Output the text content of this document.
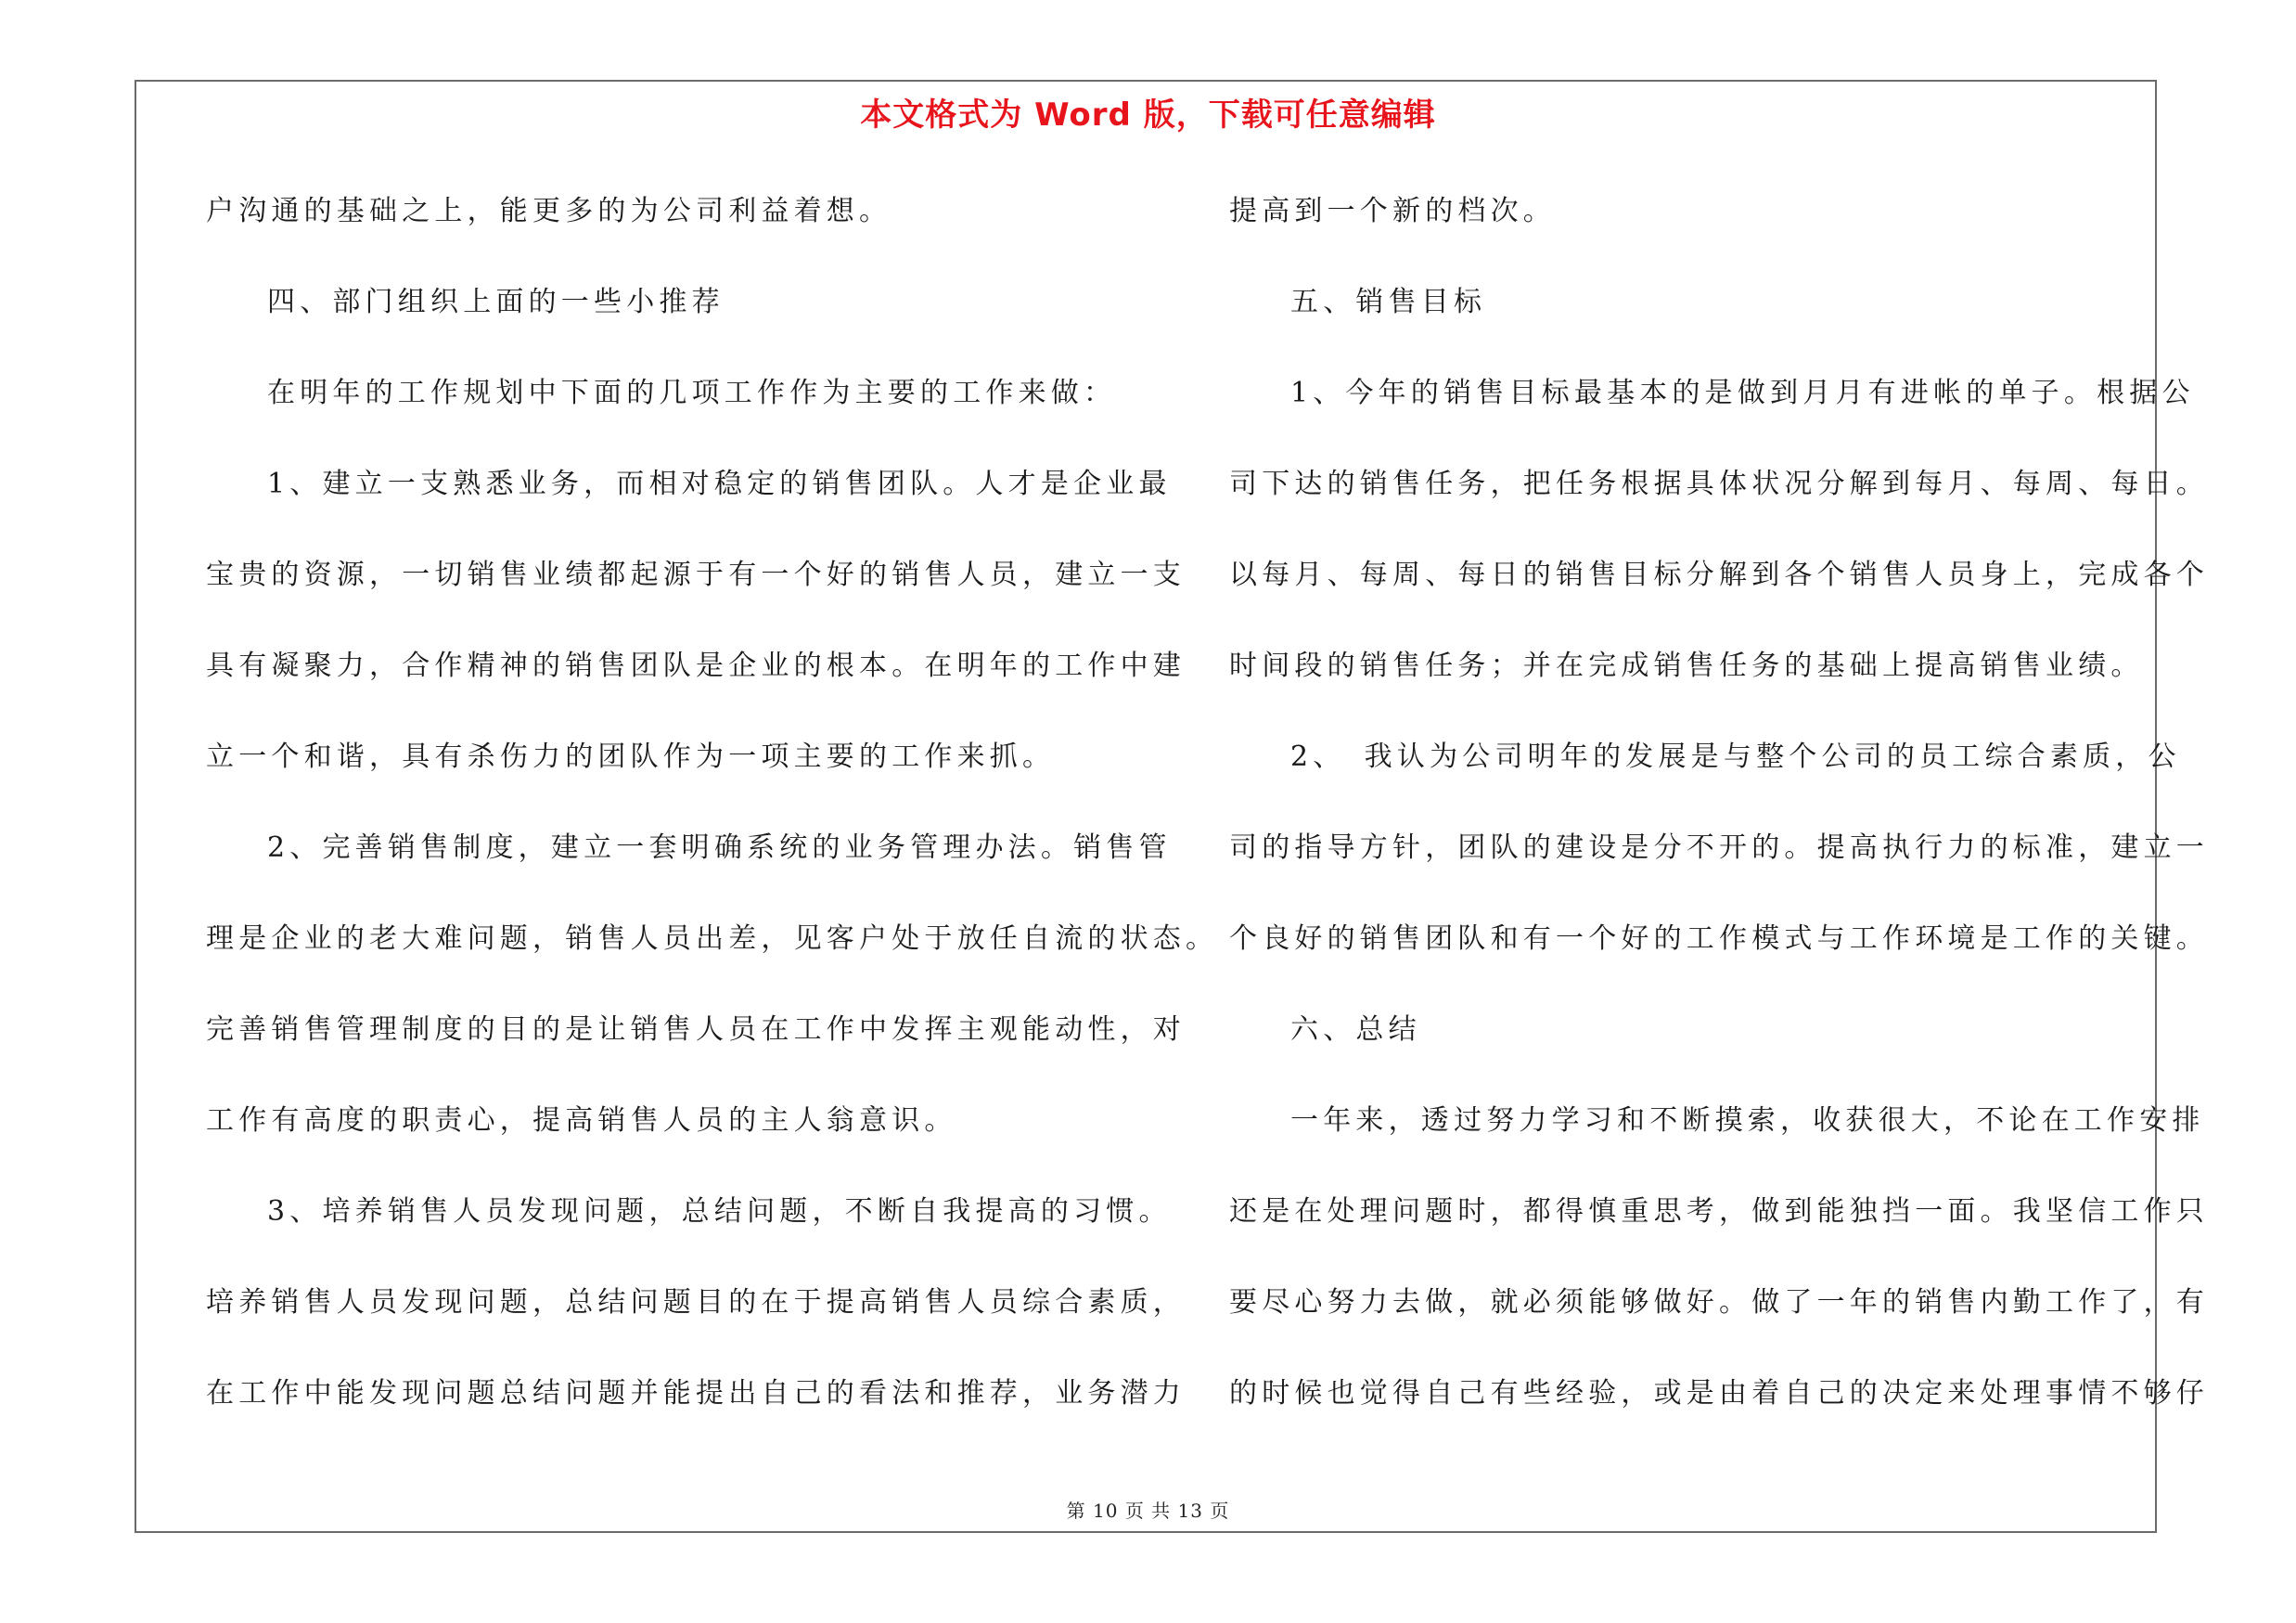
本文格式为 Word 版，下载可任意编辑
户沟通的基础之上，能更多的为公司利益着想。
四、部门组织上面的一些小推荐
在明年的工作规划中下面的几项工作作为主要的工作来做：
1、建立一支熟悉业务，而相对稳定的销售团队。人才是企业最
宝贵的资源，一切销售业绩都起源于有一个好的销售人员，建立一支
具有凝聚力，合作精神的销售团队是企业的根本。在明年的工作中建
立一个和谐，具有杀伤力的团队作为一项主要的工作来抓。
2、完善销售制度，建立一套明确系统的业务管理办法。销售管
理是企业的老大难问题，销售人员出差，见客户处于放任自流的状态。
完善销售管理制度的目的是让销售人员在工作中发挥主观能动性，对
工作有高度的职责心，提高销售人员的主人翁意识。
3、培养销售人员发现问题，总结问题，不断自我提高的习惯。
培养销售人员发现问题，总结问题目的在于提高销售人员综合素质，
在工作中能发现问题总结问题并能提出自己的看法和推荐，业务潜力
提高到一个新的档次。
五、销售目标
1、今年的销售目标最基本的是做到月月有进帐的单子。根据公
司下达的销售任务，把任务根据具体状况分解到每月、每周、每日。
以每月、每周、每日的销售目标分解到各个销售人员身上，完成各个
时间段的销售任务；并在完成销售任务的基础上提高销售业绩。
2、　我认为公司明年的发展是与整个公司的员工综合素质，公
司的指导方针，团队的建设是分不开的。提高执行力的标准，建立一
个良好的销售团队和有一个好的工作模式与工作环境是工作的关键。
六、总结
一年来，透过努力学习和不断摸索，收获很大，不论在工作安排
还是在处理问题时，都得慎重思考，做到能独挡一面。我坚信工作只
要尽心努力去做，就必须能够做好。做了一年的销售内勤工作了，有
的时候也觉得自己有些经验，或是由着自己的决定来处理事情不够仔
第 10 页 共 13 页
